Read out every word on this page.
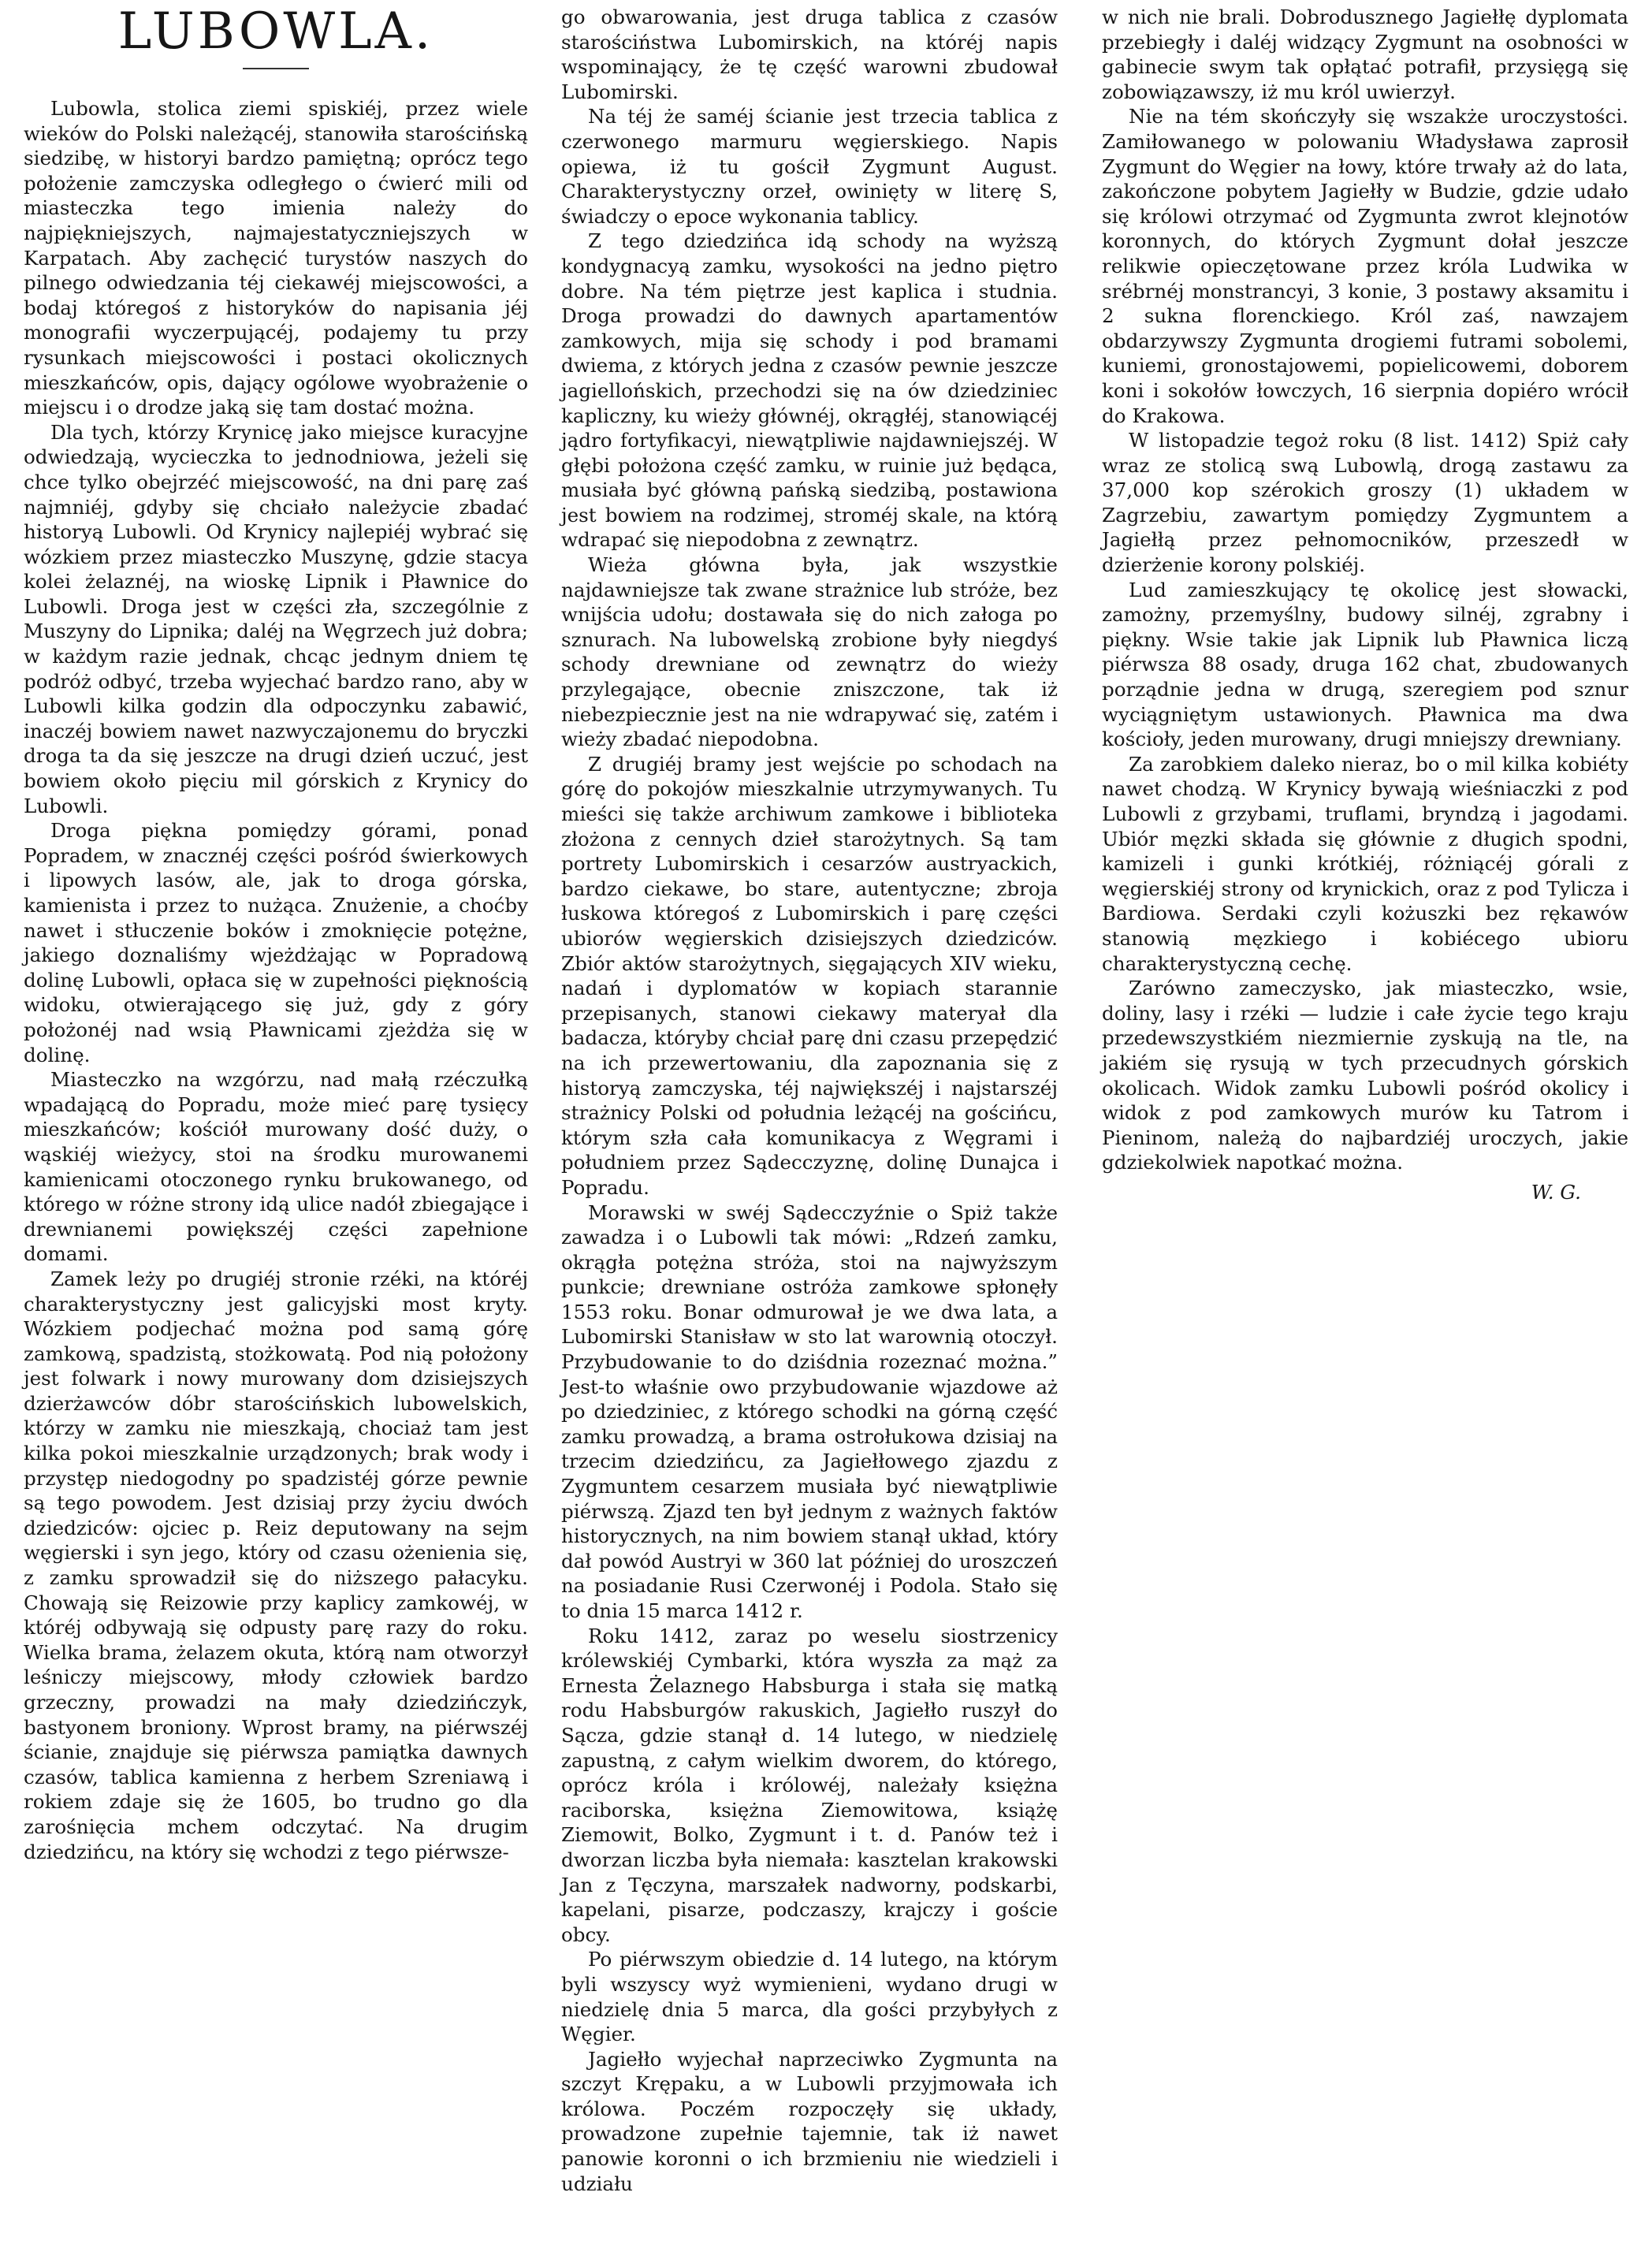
LUBOWLA.

Lubowla, stolica ziemi spiskiéj, przez wiele wieków do Polski należącéj, stanowiła starościńską siedzibę, w historyi bardzo pamiętną; oprócz tego położenie zamczyska odległego o ćwierć mili od miasteczka tego imienia należy do najpiękniejszych, najmajestatyczniejszych w Karpatach. Aby zachęcić turystów naszych do pilnego odwiedzania téj ciekawéj miejscowości, a bodaj któregoś z historyków do napisania jéj monografii wyczerpującéj, podajemy tu przy rysunkach miejscowości i postaci okolicznych mieszkańców, opis, dający ogólowe wyobrażenie o miejscu i o drodze jaką się tam dostać można.

Dla tych, którzy Krynicę jako miejsce kuracyjne odwiedzają, wycieczka to jednodniowa, jeżeli się chce tylko obejrzéć miejscowość, na dni parę zaś najmniéj, gdyby się chciało należycie zbadać historyą Lubowli. Od Krynicy najlepiéj wybrać się wózkiem przez miasteczko Muszynę, gdzie stacya kolei żelaznéj, na wioskę Lipnik i Pławnice do Lubowli. Droga jest w części zła, szczególnie z Muszyny do Lipnika; daléj na Węgrzech już dobra; w każdym razie jednak, chcąc jednym dniem tę podróż odbyć, trzeba wyjechać bardzo rano, aby w Lubowli kilka godzin dla odpoczynku zabawić, inaczéj bowiem nawet nazwyczajonemu do bryczki droga ta da się jeszcze na drugi dzień uczuć, jest bowiem około pięciu mil górskich z Krynicy do Lubowli.

Droga piękna pomiędzy górami, ponad Popradem, w znacznéj części pośród świerkowych i lipowych lasów, ale, jak to droga górska, kamienista i przez to nużąca. Znużenie, a choćby nawet i stłuczenie boków i zmoknięcie potężne, jakiego doznaliśmy wjeżdżając w Popradową dolinę Lubowli, opłaca się w zupełności pięknością widoku, otwierającego się już, gdy z góry położonéj nad wsią Pławnicami zjeżdża się w dolinę.

Miasteczko na wzgórzu, nad małą rzéczułką wpadającą do Popradu, może mieć parę tysięcy mieszkańców; kościół murowany dość duży, o wąskiéj wieżycy, stoi na środku murowanemi kamienicami otoczonego rynku brukowanego, od którego w różne strony idą ulice nadół zbiegające i drewnianemi powiększéj części zapełnione domami.

Zamek leży po drugiéj stronie rzéki, na któréj charakterystyczny jest galicyjski most kryty. Wózkiem podjechać można pod samą górę zamkową, spadzistą, stożkowatą. Pod nią położony jest folwark i nowy murowany dom dzisiejszych dzierżawców dóbr starościńskich lubowelskich, którzy w zamku nie mieszkają, chociaż tam jest kilka pokoi mieszkalnie urządzonych; brak wody i przystęp niedogodny po spadzistéj górze pewnie są tego powodem. Jest dzisiaj przy życiu dwóch dziedziców: ojciec p. Reiz deputowany na sejm węgierski i syn jego, który od czasu ożenienia się, z zamku sprowadził się do niższego pałacyku. Chowają się Reizowie przy kaplicy zamkowéj, w któréj odbywają się odpusty parę razy do roku. Wielka brama, żelazem okuta, którą nam otworzył leśniczy miejscowy, młody człowiek bardzo grzeczny, prowadzi na mały dziedzińczyk, bastyonem broniony. Wprost bramy, na piérwszéj ścianie, znajduje się piérwsza pamiątka dawnych czasów, tablica kamienna z herbem Szreniawą i rokiem zdaje się że 1605, bo trudno go dla zarośnięcia mchem odczytać. Na drugim dziedzińcu, na który się wchodzi z tego piérwsze-

go obwarowania, jest druga tablica z czasów starościństwa Lubomirskich, na któréj napis wspominający, że tę część warowni zbudował Lubomirski.

Na téj że saméj ścianie jest trzecia tablica z czerwonego marmuru węgierskiego. Napis opiewa, iż tu gościł Zygmunt August. Charakterystyczny orzeł, owinięty w literę S, świadczy o epoce wykonania tablicy.

Z tego dziedzińca idą schody na wyższą kondygnacyą zamku, wysokości na jedno piętro dobre. Na tém piętrze jest kaplica i studnia. Droga prowadzi do dawnych apartamentów zamkowych, mija się schody i pod bramami dwiema, z których jedna z czasów pewnie jeszcze jagiellońskich, przechodzi się na ów dziedziniec kapliczny, ku wieży głównéj, okrągłéj, stanowiącéj jądro fortyfikacyi, niewątpliwie najdawniejszéj. W głębi położona część zamku, w ruinie już będąca, musiała być główną pańską siedzibą, postawiona jest bowiem na rodzimej, stroméj skale, na którą wdrapać się niepodobna z zewnątrz.

Wieża główna była, jak wszystkie najdawniejsze tak zwane strażnice lub stróże, bez wnijścia udołu; dostawała się do nich załoga po sznurach. Na lubowelską zrobione były niegdyś schody drewniane od zewnątrz do wieży przylegające, obecnie zniszczone, tak iż niebezpiecznie jest na nie wdrapywać się, zatém i wieży zbadać niepodobna.

Z drugiéj bramy jest wejście po schodach na górę do pokojów mieszkalnie utrzymywanych. Tu mieści się także archiwum zamkowe i biblioteka złożona z cennych dzieł starożytnych. Są tam portrety Lubomirskich i cesarzów austryackich, bardzo ciekawe, bo stare, autentyczne; zbroja łuskowa któregoś z Lubomirskich i parę części ubiorów węgierskich dzisiejszych dziedziców. Zbiór aktów starożytnych, sięgających XIV wieku, nadań i dyplomatów w kopiach starannie przepisanych, stanowi ciekawy materyał dla badacza, któryby chciał parę dni czasu przepędzić na ich przewertowaniu, dla zapoznania się z historyą zamczyska, téj największéj i najstarszéj strażnicy Polski od południa leżącéj na gościńcu, którym szła cała komunikacya z Węgrami i południem przez Sądecczyznę, dolinę Dunajca i Popradu.

Morawski w swéj Sądecczyźnie o Spiż także zawadza i o Lubowli tak mówi: „Rdzeń zamku, okrągła potężna stróża, stoi na najwyższym punkcie; drewniane ostróża zamkowe spłonęły 1553 roku. Bonar odmurował je we dwa lata, a Lubomirski Stanisław w sto lat warownią otoczył. Przybudowanie to do dziśdnia rozeznać można.” Jest-to właśnie owo przybudowanie wjazdowe aż po dziedziniec, z którego schodki na górną część zamku prowadzą, a brama ostrołukowa dzisiaj na trzecim dziedzińcu, za Jagiełłowego zjazdu z Zygmuntem cesarzem musiała być niewątpliwie piérwszą. Zjazd ten był jednym z ważnych faktów historycznych, na nim bowiem stanął układ, który dał powód Austryi w 360 lat później do uroszczeń na posiadanie Rusi Czerwonéj i Podola. Stało się to dnia 15 marca 1412 r.

Roku 1412, zaraz po weselu siostrzenicy królewskiéj Cymbarki, która wyszła za mąż za Ernesta Żelaznego Habsburga i stała się matką rodu Habsburgów rakuskich, Jagiełło ruszył do Sącza, gdzie stanął d. 14 lutego, w niedzielę zapustną, z całym wielkim dworem, do którego, oprócz króla i królowéj, należały księżna raciborska, księżna Ziemowitowa, książę Ziemowit, Bolko, Zygmunt i t. d. Panów też i dworzan liczba była niemała: kasztelan krakowski Jan z Tęczyna, marszałek nadworny, podskarbi, kapelani, pisarze, podczaszy, krajczy i goście obcy.

Po piérwszym obiedzie d. 14 lutego, na którym byli wszyscy wyż wymienieni, wydano drugi w niedzielę dnia 5 marca, dla gości przybyłych z Węgier.

Jagiełło wyjechał naprzeciwko Zygmunta na szczyt Krępaku, a w Lubowli przyjmowała ich królowa. Poczém rozpoczęły się układy, prowadzone zupełnie tajemnie, tak iż nawet panowie koronni o ich brzmieniu nie wiedzieli i udziału

w nich nie brali. Dobrodusznego Jagiełłę dyplomata przebiegły i daléj widzący Zygmunt na osobności w gabinecie swym tak opłątać potrafił, przysięgą się zobowiązawszy, iż mu król uwierzył.

Nie na tém skończyły się wszakże uroczystości. Zamiłowanego w polowaniu Władysława zaprosił Zygmunt do Węgier na łowy, które trwały aż do lata, zakończone pobytem Jagiełły w Budzie, gdzie udało się królowi otrzymać od Zygmunta zwrot klejnotów koronnych, do których Zygmunt dołał jeszcze relikwie opieczętowane przez króla Ludwika w srébrnéj monstrancyi, 3 konie, 3 postawy aksamitu i 2 sukna florenckiego. Król zaś, nawzajem obdarzywszy Zygmunta drogiemi futrami sobolemi, kuniemi, gronostajowemi, popielicowemi, doborem koni i sokołów łowczych, 16 sierpnia dopiéro wrócił do Krakowa.

W listopadzie tegoż roku (8 list. 1412) Spiż cały wraz ze stolicą swą Lubowlą, drogą zastawu za 37,000 kop szérokich groszy (1) układem w Zagrzebiu, zawartym pomiędzy Zygmuntem a Jagiełłą przez pełnomocników, przeszedł w dzierżenie korony polskiéj.

Lud zamieszkujący tę okolicę jest słowacki, zamożny, przemyślny, budowy silnéj, zgrabny i piękny. Wsie takie jak Lipnik lub Pławnica liczą piérwsza 88 osady, druga 162 chat, zbudowanych porządnie jedna w drugą, szeregiem pod sznur wyciągniętym ustawionych. Pławnica ma dwa kościoły, jeden murowany, drugi mniejszy drewniany.

Za zarobkiem daleko nieraz, bo o mil kilka kobiéty nawet chodzą. W Krynicy bywają wieśniaczki z pod Lubowli z grzybami, truflami, bryndzą i jagodami. Ubiór męzki składa się głównie z długich spodni, kamizeli i gunki krótkiéj, różniącéj górali z węgierskiéj strony od krynickich, oraz z pod Tylicza i Bardiowa. Serdaki czyli kożuszki bez rękawów stanowią męzkiego i kobiécego ubioru charakterystyczną cechę.

Zarówno zameczysko, jak miasteczko, wsie, doliny, lasy i rzéki — ludzie i całe życie tego kraju przedewszystkiém niezmiernie zyskują na tle, na jakiém się rysują w tych przecudnych górskich okolicach. Widok zamku Lubowli pośród okolicy i widok z pod zamkowych murów ku Tatrom i Pieninom, należą do najbardziéj uroczych, jakie gdziekolwiek napotkać można.

W. G.
